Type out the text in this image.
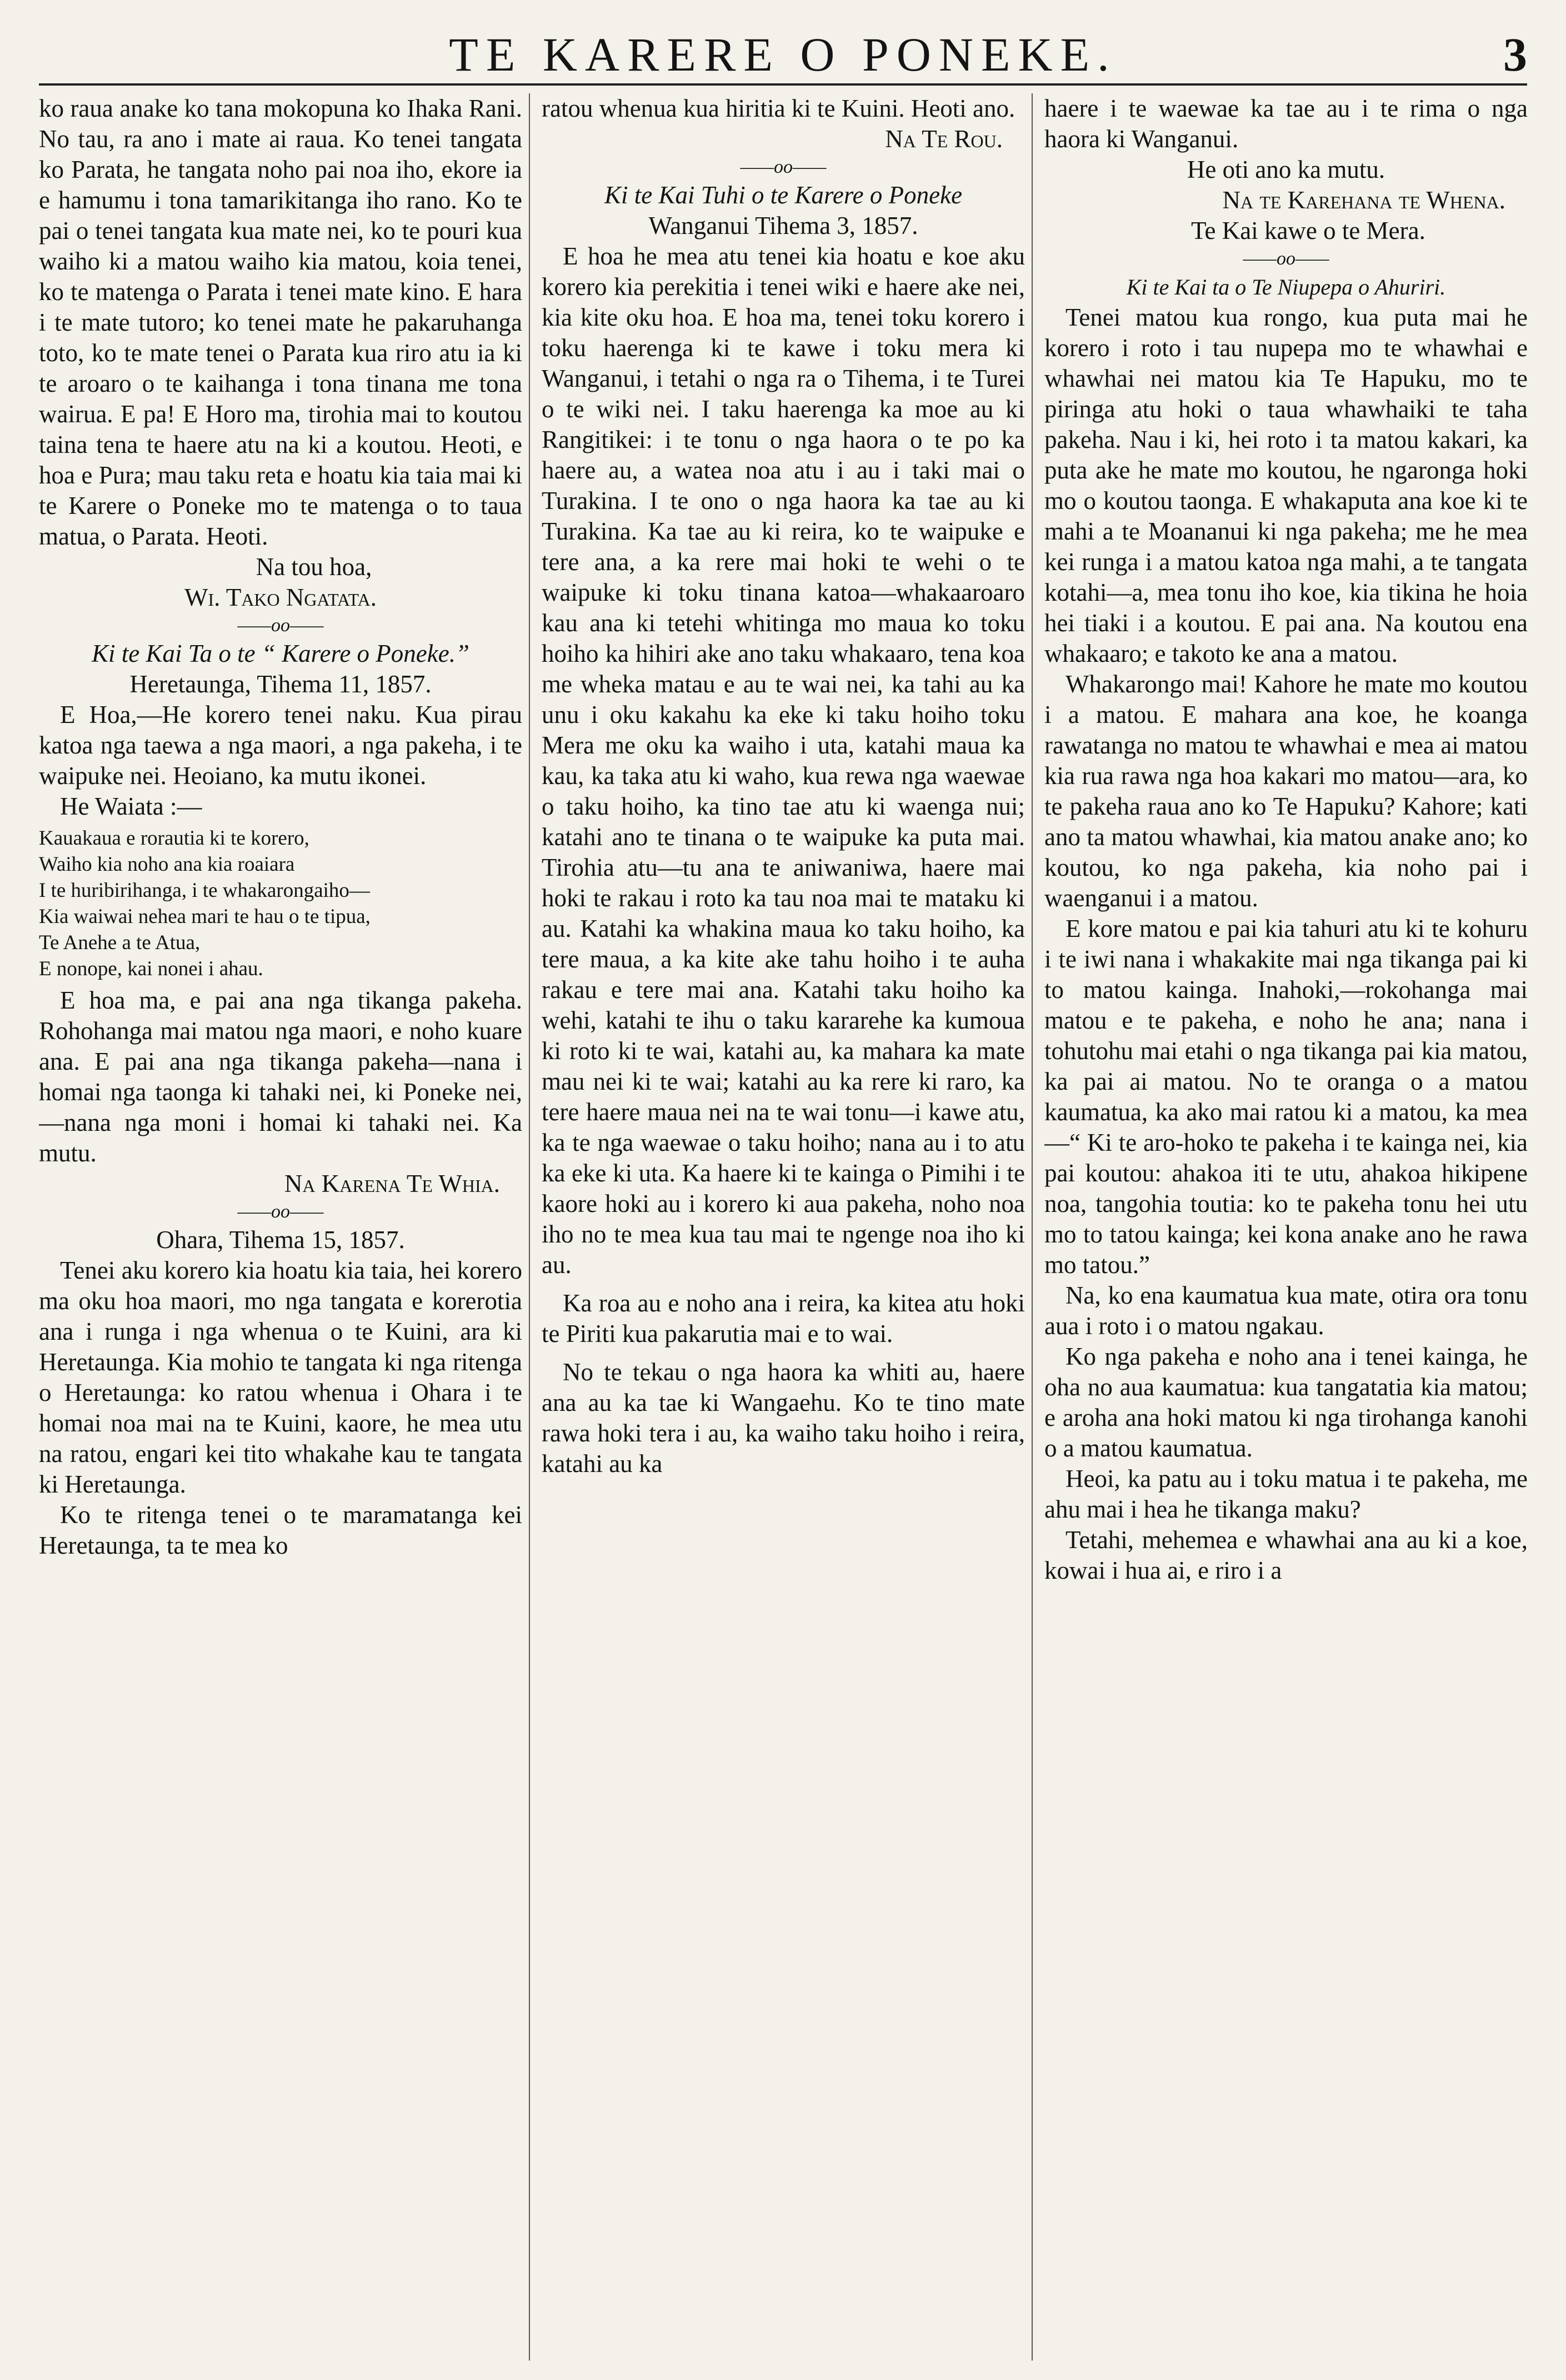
TE KARERE O PONEKE.	3

ko raua anake ko tana mokopuna ko Ihaka Rani. No tau, ra ano i mate ai raua. Ko tenei tangata ko Parata, he tangata noho pai noa iho, ekore ia e hamumu i tona tamarikitanga iho rano. Ko te pai o tenei tangata kua mate nei, ko te pouri kua waiho ki a matou waiho kia matou, koia tenei, ko te matenga o Parata i tenei mate kino. E hara i te mate tutoro; ko tenei mate he pakaruhanga toto, ko te mate tenei o Parata kua riro atu ia ki te aroaro o te kaihanga i tona tinana me tona wairua. E pa! E Horo ma, tirohia mai to koutou taina tena te haere atu na ki a koutou. Heoti, e hoa e Pura; mau taku reta e hoatu kia taia mai ki te Karere o Poneke mo te matenga o to taua matua, o Parata. Heoti.

Na tou hoa,

Wi. Tako Ngatata.

——oo——

Ki te Kai Ta o te “ Karere o Poneke.”

Heretaunga, Tihema 11, 1857.

E Hoa,—He korero tenei naku. Kua pirau katoa nga taewa a nga maori, a nga pakeha, i te waipuke nei. Heoiano, ka mutu ikonei.

He Waiata :—

Kauakaua e rorautia ki te korero,
Waiho kia noho ana kia roaiara
I te huribirihanga, i te whakarongaiho—
Kia waiwai nehea mari te hau o te tipua,
Te Anehe a te Atua,
E nonope, kai nonei i ahau.

E hoa ma, e pai ana nga tikanga pakeha. Rohohanga mai matou nga maori, e noho kuare ana. E pai ana nga tikanga pakeha—nana i homai nga taonga ki tahaki nei, ki Poneke nei,—nana nga moni i homai ki tahaki nei. Ka mutu.

Na Karena Te Whia.

——oo——

Ohara, Tihema 15, 1857.

Tenei aku korero kia hoatu kia taia, hei korero ma oku hoa maori, mo nga tangata e korerotia ana i runga i nga whenua o te Kuini, ara ki Heretaunga. Kia mohio te tangata ki nga ritenga o Heretaunga: ko ratou whenua i Ohara i te homai noa mai na te Kuini, kaore, he mea utu na ratou, engari kei tito whakahe kau te tangata ki Heretaunga.

Ko te ritenga tenei o te maramatanga kei Heretaunga, ta te mea ko

ratou whenua kua hiritia ki te Kuini. Heoti ano.

Na Te Rou.

——oo——

Ki te Kai Tuhi o te Karere o Poneke

Wanganui Tihema 3, 1857.

E hoa he mea atu tenei kia hoatu e koe aku korero kia perekitia i tenei wiki e haere ake nei, kia kite oku hoa. E hoa ma, tenei toku korero i toku haerenga ki te kawe i toku mera ki Wanganui, i tetahi o nga ra o Tihema, i te Turei o te wiki nei. I taku haerenga ka moe au ki Rangitikei: i te tonu o nga haora o te po ka haere au, a watea noa atu i au i taki mai o Turakina. I te ono o nga haora ka tae au ki Turakina. Ka tae au ki reira, ko te waipuke e tere ana, a ka rere mai hoki te wehi o te waipuke ki toku tinana katoa—whakaaroaro kau ana ki tetehi whitinga mo maua ko toku hoiho ka hihiri ake ano taku whakaaro, tena koa me wheka matau e au te wai nei, ka tahi au ka unu i oku kakahu ka eke ki taku hoiho toku Mera me oku ka waiho i uta, katahi maua ka kau, ka taka atu ki waho, kua rewa nga waewae o taku hoiho, ka tino tae atu ki waenga nui; katahi ano te tinana o te waipuke ka puta mai. Tirohia atu—tu ana te aniwaniwa, haere mai hoki te rakau i roto ka tau noa mai te mataku ki au. Katahi ka whakina maua ko taku hoiho, ka tere maua, a ka kite ake tahu hoiho i te auha rakau e tere mai ana. Katahi taku hoiho ka wehi, katahi te ihu o taku kararehe ka kumoua ki roto ki te wai, katahi au, ka mahara ka mate mau nei ki te wai; katahi au ka rere ki raro, ka tere haere maua nei na te wai tonu—i kawe atu, ka te nga waewae o taku hoiho; nana au i to atu ka eke ki uta. Ka haere ki te kainga o Pimihi i te kaore hoki au i korero ki aua pakeha, noho noa iho no te mea kua tau mai te ngenge noa iho ki au.

Ka roa au e noho ana i reira, ka kitea atu hoki te Piriti kua pakarutia mai e to wai.

No te tekau o nga haora ka whiti au, haere ana au ka tae ki Wangaehu. Ko te tino mate rawa hoki tera i au, ka waiho taku hoiho i reira, katahi au ka

haere i te waewae ka tae au i te rima o nga haora ki Wanganui.

He oti ano ka mutu.

Na te Karehana te Whena.

Te Kai kawe o te Mera.

——oo——

Ki te Kai ta o Te Niupepa o Ahuriri.

Tenei matou kua rongo, kua puta mai he korero i roto i tau nupepa mo te whawhai e whawhai nei matou kia Te Hapuku, mo te piringa atu hoki o taua whawhaiki te taha pakeha. Nau i ki, hei roto i ta matou kakari, ka puta ake he mate mo koutou, he ngaronga hoki mo o koutou taonga. E whakaputa ana koe ki te mahi a te Moananui ki nga pakeha; me he mea kei runga i a matou katoa nga mahi, a te tangata kotahi—a, mea tonu iho koe, kia tikina he hoia hei tiaki i a koutou. E pai ana. Na koutou ena whakaaro; e takoto ke ana a matou.

Whakarongo mai! Kahore he mate mo koutou i a matou. E mahara ana koe, he koanga rawatanga no matou te whawhai e mea ai matou kia rua rawa nga hoa kakari mo matou—ara, ko te pakeha raua ano ko Te Hapuku? Kahore; kati ano ta matou whawhai, kia matou anake ano; ko koutou, ko nga pakeha, kia noho pai i waenganui i a matou.

E kore matou e pai kia tahuri atu ki te kohuru i te iwi nana i whakakite mai nga tikanga pai ki to matou kainga. Inahoki,—rokohanga mai matou e te pakeha, e noho he ana; nana i tohutohu mai etahi o nga tikanga pai kia matou, ka pai ai matou. No te oranga o a matou kaumatua, ka ako mai ratou ki a matou, ka mea—“ Ki te aro-hoko te pakeha i te kainga nei, kia pai koutou: ahakoa iti te utu, ahakoa hikipene noa, tangohia toutia: ko te pakeha tonu hei utu mo to tatou kainga; kei kona anake ano he rawa mo tatou.”

Na, ko ena kaumatua kua mate, otira ora tonu aua i roto i o matou ngakau.

Ko nga pakeha e noho ana i tenei kainga, he oha no aua kaumatua: kua tangatatia kia matou; e aroha ana hoki matou ki nga tirohanga kanohi o a matou kaumatua.

Heoi, ka patu au i toku matua i te pakeha, me ahu mai i hea he tikanga maku?

Tetahi, mehemea e whawhai ana au ki a koe, kowai i hua ai, e riro i a
